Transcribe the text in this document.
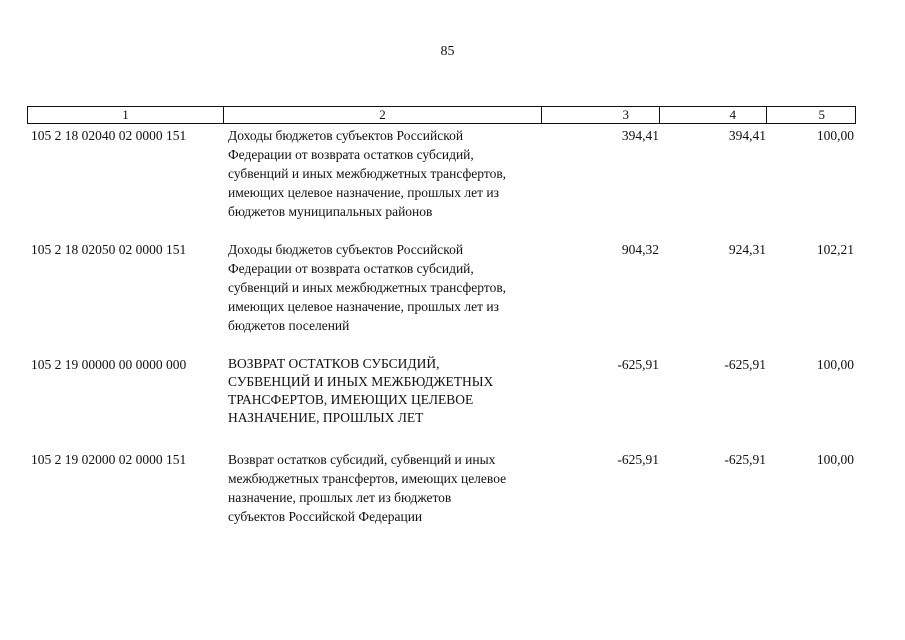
85
1	2	3	4	5
105 2 18 02040 02 0000 151	Доходы бюджетов субъектов Российской
Федерации от возврата остатков субсидий,
субвенций и иных межбюджетных трансфертов,
имеющих целевое назначение, прошлых лет из
бюджетов муниципальных районов
394,41	394,41	100,00
105 2 18 02050 02 0000 151	Доходы бюджетов субъектов Российской
Федерации от возврата остатков субсидий,
субвенций и иных межбюджетных трансфертов,
имеющих целевое назначение, прошлых лет из
бюджетов поселений
904,32	924,31	102,21
105 2 19 00000 00 0000 000	ВОЗВРАТ ОСТАТКОВ СУБСИДИЙ,
СУБВЕНЦИЙ И ИНЫХ МЕЖБЮДЖЕТНЫХ
ТРАНСФЕРТОВ, ИМЕЮЩИХ ЦЕЛЕВОЕ
НАЗНАЧЕНИЕ, ПРОШЛЫХ ЛЕТ
-625,91	-625,91	100,00
105 2 19 02000 02 0000 151	Возврат остатков субсидий, субвенций и иных
межбюджетных трансфертов, имеющих целевое
назначение, прошлых лет из бюджетов
субъектов Российской Федерации
-625,91	-625,91	100,00
